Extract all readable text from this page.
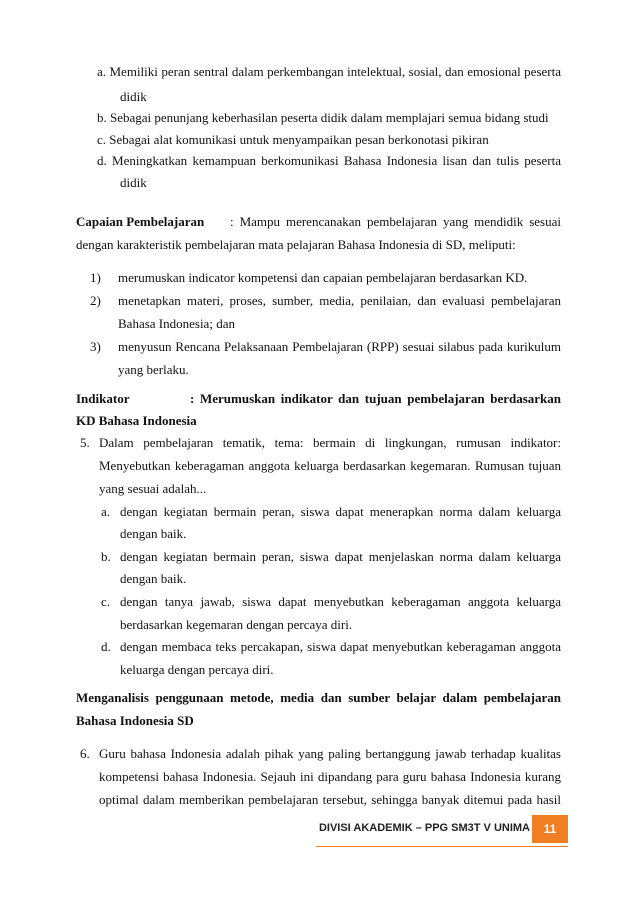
a. Memiliki peran sentral dalam perkembangan intelektual, sosial, dan emosional peserta
didik
b. Sebagai penunjang keberhasilan peserta didik dalam memplajari semua bidang studi
c. Sebagai alat komunikasi untuk menyampaikan pesan berkonotasi pikiran
d. Meningkatkan kemampuan berkomunikasi Bahasa Indonesia lisan dan tulis peserta
didik
Capaian Pembelajaran : Mampu merencanakan pembelajaran yang mendidik sesuai
dengan karakteristik pembelajaran mata pelajaran Bahasa Indonesia di SD, meliputi:
1) merumuskan indicator kompetensi dan capaian pembelajaran berdasarkan KD.
2) menetapkan materi, proses, sumber, media, penilaian, dan evaluasi pembelajaran
Bahasa Indonesia; dan
3) menyusun Rencana Pelaksanaan Pembelajaran (RPP) sesuai silabus pada kurikulum
yang berlaku.
Indikator	: Merumuskan indikator dan tujuan pembelajaran berdasarkan
KD Bahasa Indonesia
5. Dalam pembelajaran tematik, tema: bermain di lingkungan, rumusan indikator:
Menyebutkan keberagaman anggota keluarga berdasarkan kegemaran. Rumusan tujuan
yang sesuai adalah...
a. dengan kegiatan bermain peran, siswa dapat menerapkan norma dalam keluarga
dengan baik.
b. dengan kegiatan bermain peran, siswa dapat menjelaskan norma dalam keluarga
dengan baik.
c. dengan tanya jawab, siswa dapat menyebutkan keberagaman anggota keluarga
berdasarkan kegemaran dengan percaya diri.
d. dengan membaca teks percakapan, siswa dapat menyebutkan keberagaman anggota
keluarga dengan percaya diri.
Menganalisis penggunaan metode, media dan sumber belajar dalam pembelajaran
Bahasa Indonesia SD
6. Guru bahasa Indonesia adalah pihak yang paling bertanggung jawab terhadap kualitas
kompetensi bahasa Indonesia. Sejauh ini dipandang para guru bahasa Indonesia kurang
optimal dalam memberikan pembelajaran tersebut, sehingga banyak ditemui pada hasil
DIVISI AKADEMIK – PPG SM3T V UNIMA 11
